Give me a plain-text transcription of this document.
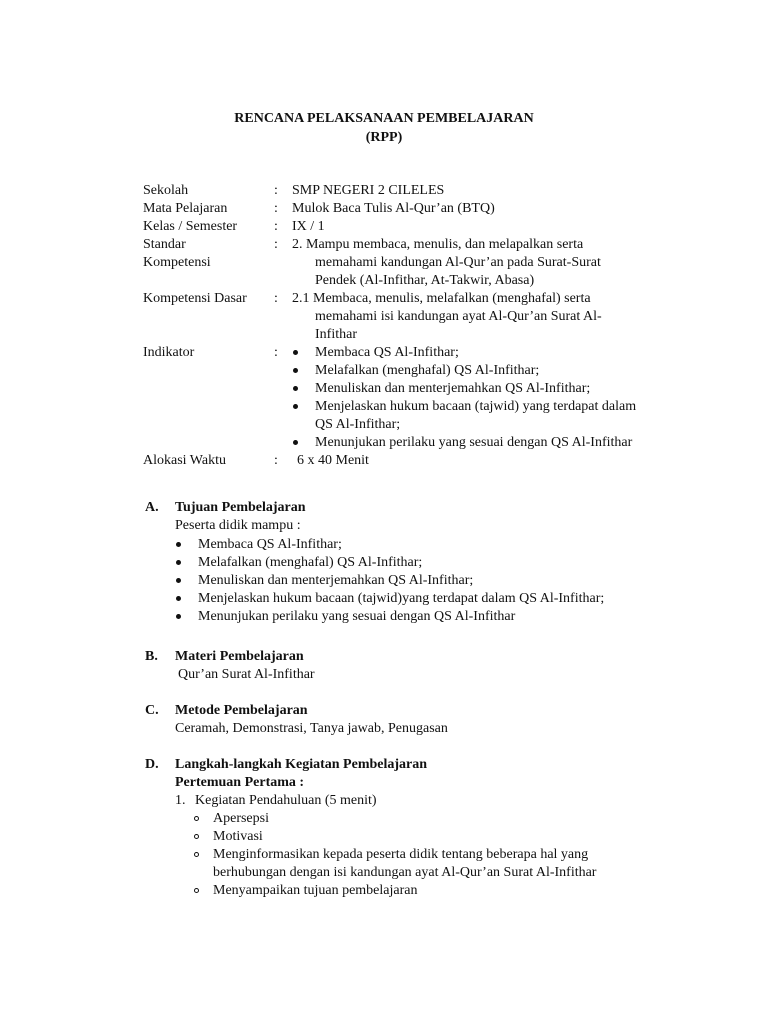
RENCANA PELAKSANAAN PEMBELAJARAN
(RPP)
Sekolah	: SMP NEGERI 2 CILELES
Mata Pelajaran	: Mulok Baca Tulis Al-Qur’an (BTQ)
Kelas / Semester	: IX / 1
Standar
Kompetensi
: 2. Mampu membaca, menulis, dan melapalkan serta
memahami kandungan Al-Qur’an pada Surat-Surat
Pendek (Al-Infithar, At-Takwir, Abasa)
Kompetensi Dasar : 2.1 Membaca, menulis, melafalkan (menghafal) serta
memahami isi kandungan ayat Al-Qur’an Surat Al-
Infithar
Indikator	:	Membaca QS Al-Infithar;
Melafalkan (menghafal) QS Al-Infithar;
Menuliskan dan menterjemahkan QS Al-Infithar;
Menjelaskan hukum bacaan (tajwid) yang terdapat dalam
QS Al-Infithar;
Menunjukan perilaku yang sesuai dengan QS Al-Infithar
Alokasi Waktu	: 6 x 40 Menit
A. Tujuan Pembelajaran
Peserta didik mampu :
Membaca QS Al-Infithar;
Melafalkan (menghafal) QS Al-Infithar;
Menuliskan dan menterjemahkan QS Al-Infithar;
Menjelaskan hukum bacaan (tajwid)yang terdapat dalam QS Al-Infithar;
Menunjukan perilaku yang sesuai dengan QS Al-Infithar
B. Materi Pembelajaran
Qur’an Surat Al-Infithar
C. Metode Pembelajaran
Ceramah, Demonstrasi, Tanya jawab, Penugasan
D. Langkah-langkah Kegiatan Pembelajaran
Pertemuan Pertama :
1. Kegiatan Pendahuluan (5 menit)
Apersepsi
Motivasi
Menginformasikan kepada peserta didik tentang beberapa hal yang
berhubungan dengan isi kandungan ayat Al-Qur’an Surat Al-Infithar
Menyampaikan tujuan pembelajaran
